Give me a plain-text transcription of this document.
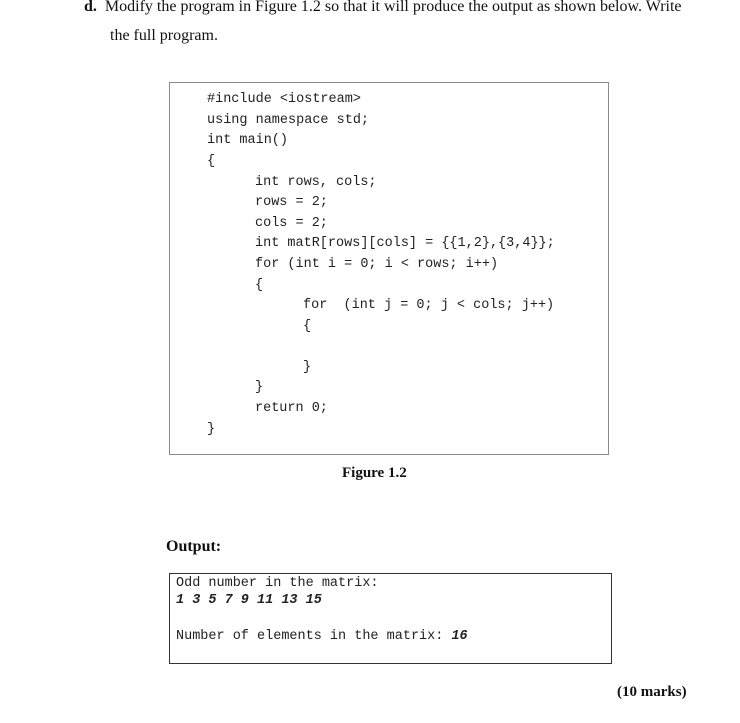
d. Modify the program in Figure 1.2 so that it will produce the output as shown below. Write
the full program.
#include <iostream>
using namespace std;
int main()
{
int rows, cols;
rows = 2;
cols = 2;
int matR[rows][cols] = {{1,2},{3,4}};
for (int i = 0; i < rows; i++)
{
for  (int j = 0; j < cols; j++)
{
}
}
return 0;
}
Figure 1.2
Output:
Odd number in the matrix:
1 3 5 7 9 11 13 15
Number of elements in the matrix: 16
(10 marks)
